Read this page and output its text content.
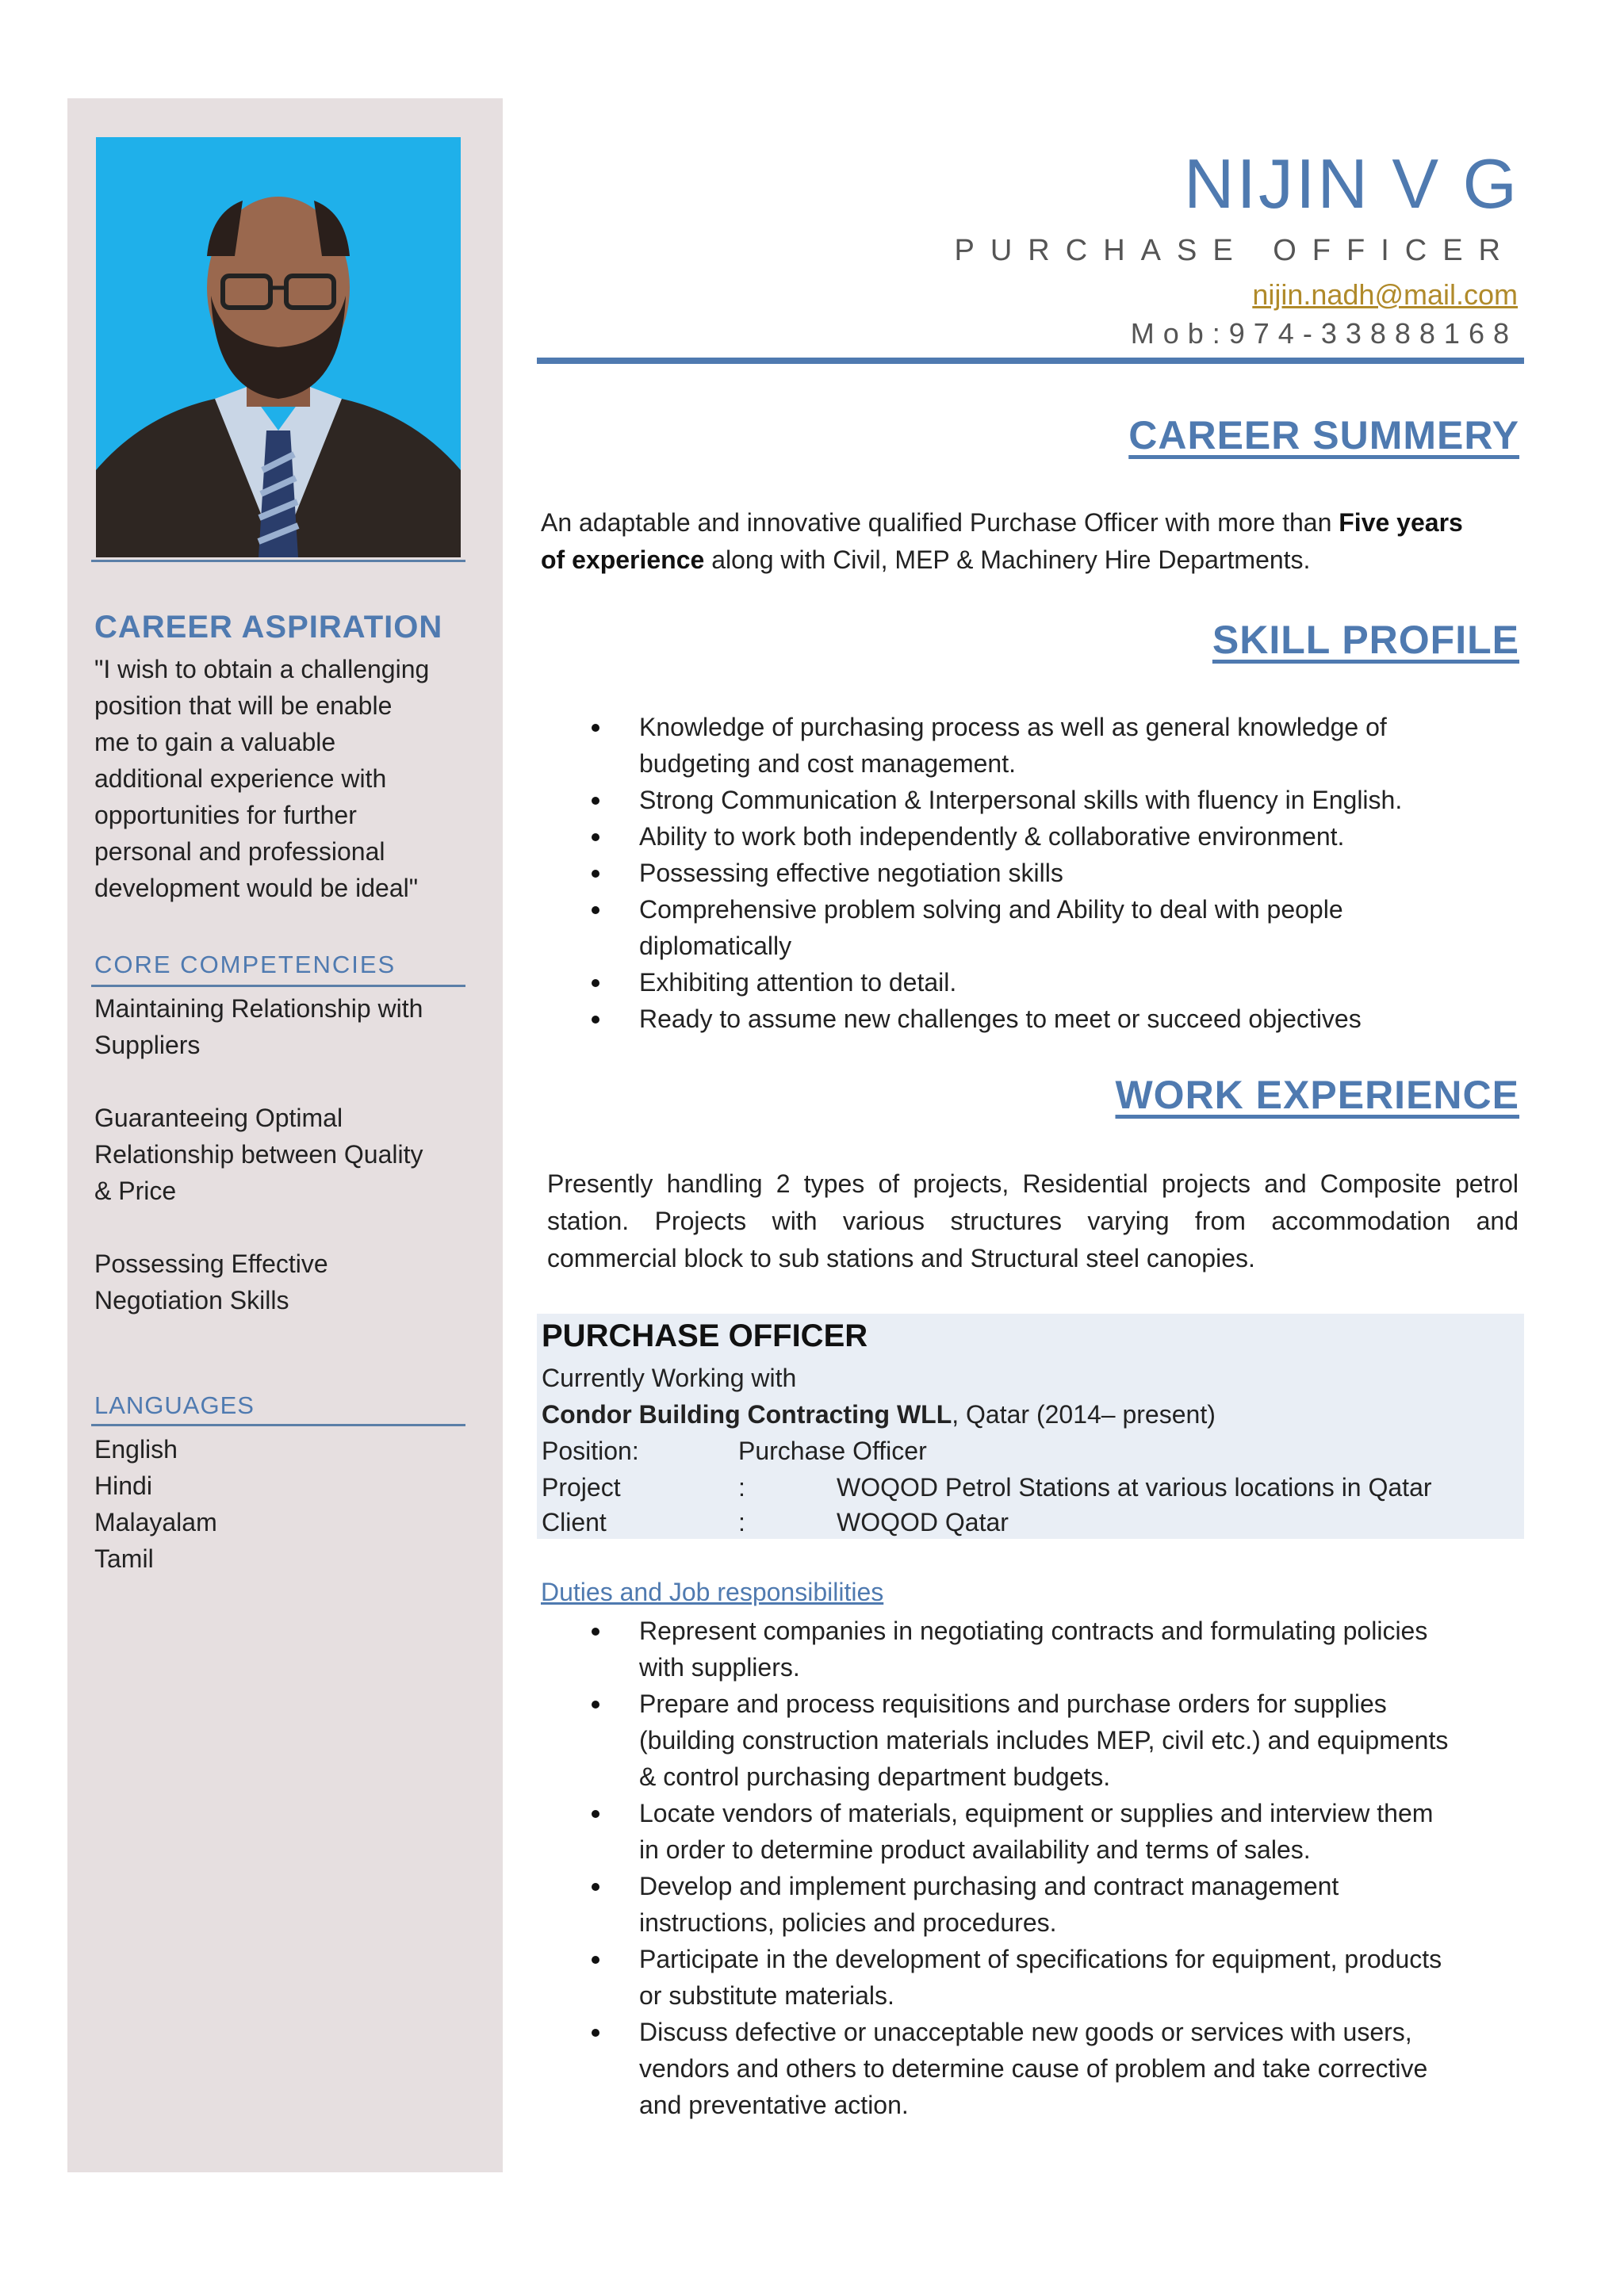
CAREER ASPIRATION

"I wish to obtain a challenging

position that will be enable

me to gain a valuable

additional experience with

opportunities for further

personal and professional

development would be ideal"

CORE COMPETENCIES

Maintaining Relationship with

Suppliers

Guaranteeing Optimal

Relationship between Quality

& Price

Possessing Effective

Negotiation Skills

LANGUAGES
English
Hindi
Malayalam
Tamil
NIJIN V G
PURCHASE OFFICER
nijin.nadh@mail.com
Mob:974-33888168
CAREER SUMMERY
An adaptable and innovative qualified Purchase Officer with more than Five years
of experience along with Civil, MEP & Machinery Hire Departments.
SKILL PROFILE
Knowledge of purchasing process as well as general knowledge of
budgeting and cost management.
Strong Communication & Interpersonal skills with fluency in English.
Ability to work both independently & collaborative environment.
Possessing effective negotiation skills
Comprehensive problem solving and Ability to deal with people
diplomatically
Exhibiting attention to detail.
Ready to assume new challenges to meet or succeed objectives
WORK EXPERIENCE
Presently handling 2 types of projects, Residential projects and Composite petrol
station. Projects with various structures varying from accommodation and
commercial block to sub stations and Structural steel canopies.
PURCHASE OFFICER
Currently Working with
Condor Building Contracting WLL, Qatar (2014– present)
Position:	Purchase Officer
Project	:	WOQOD Petrol Stations at various locations in Qatar
Client	:	WOQOD Qatar
Duties and Job responsibilities
Represent companies in negotiating contracts and formulating policies
with suppliers.
Prepare and process requisitions and purchase orders for supplies
(building construction materials includes MEP, civil etc.) and equipments
& control purchasing department budgets.
Locate vendors of materials, equipment or supplies and interview them
in order to determine product availability and terms of sales.
Develop and implement purchasing and contract management
instructions, policies and procedures.
Participate in the development of specifications for equipment, products
or substitute materials.
Discuss defective or unacceptable new goods or services with users,
vendors and others to determine cause of problem and take corrective
and preventative action.
